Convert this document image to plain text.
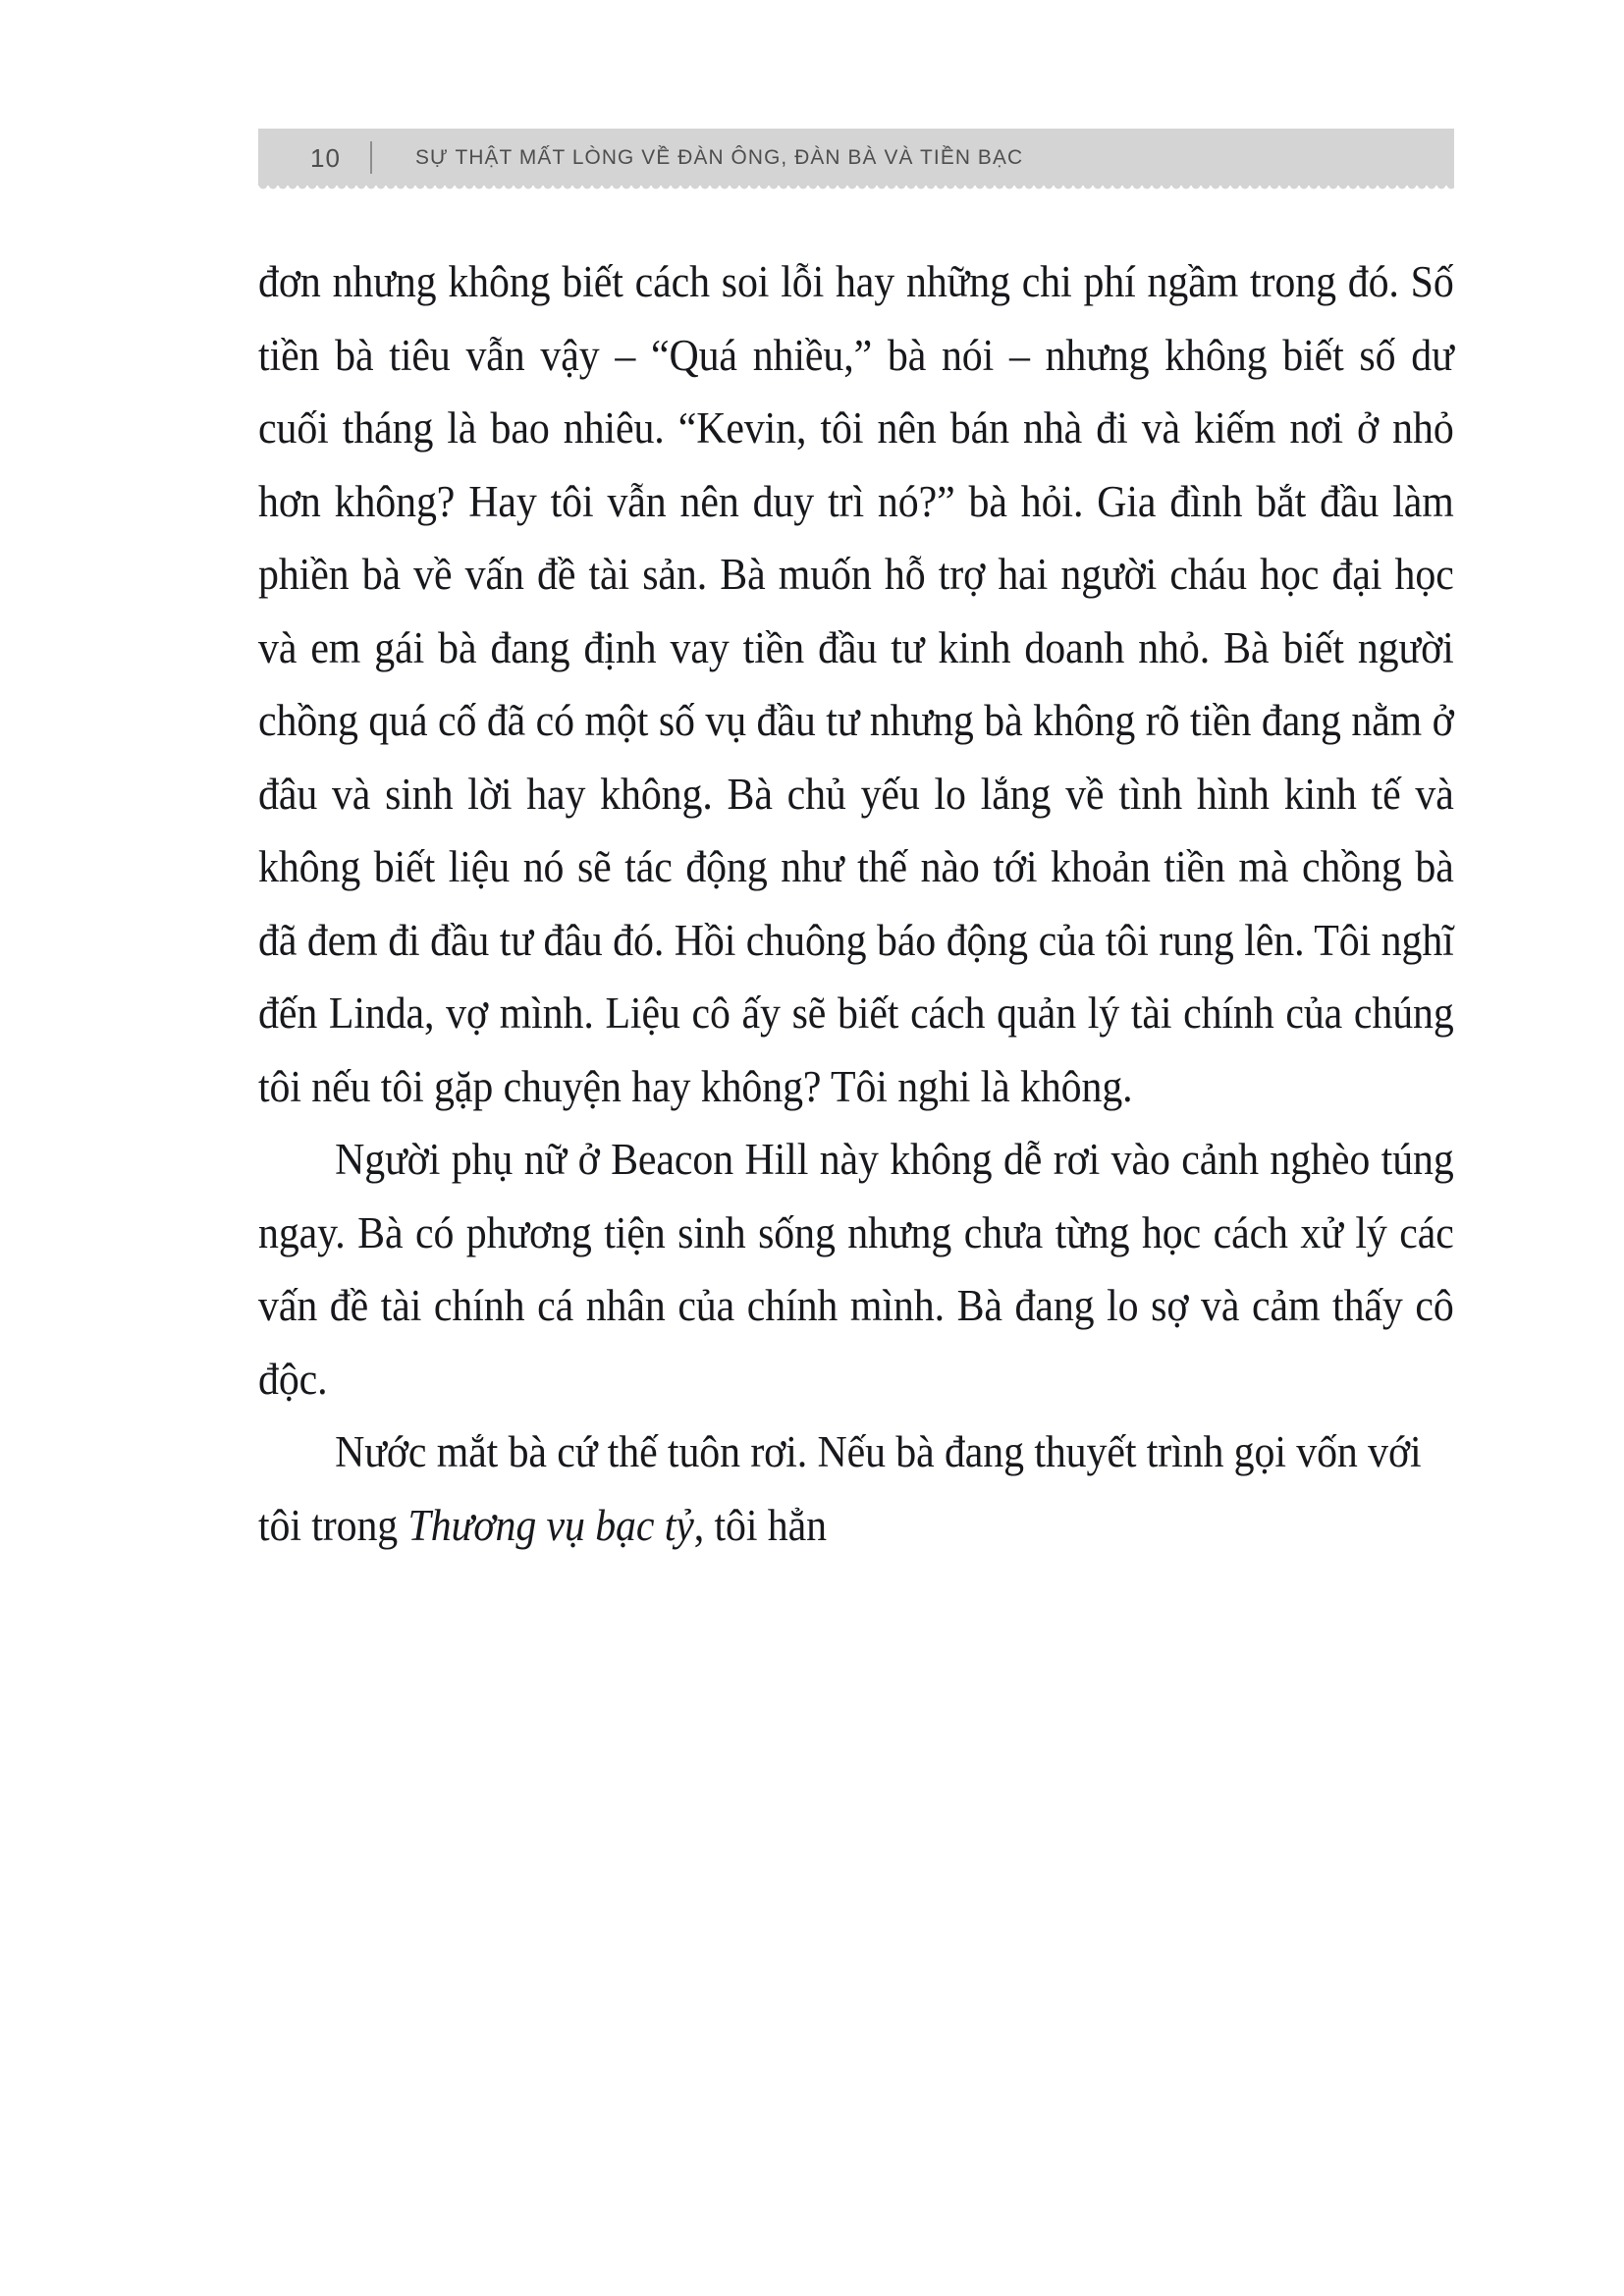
10	SỰ THẬT MẤT LÒNG VỀ ĐÀN ÔNG, ĐÀN BÀ VÀ TIỀN BẠC

đơn nhưng không biết cách soi lỗi hay những chi phí ngầm trong đó. Số tiền bà tiêu vẫn vậy – “Quá nhiều,” bà nói – nhưng không biết số dư cuối tháng là bao nhiêu. “Kevin, tôi nên bán nhà đi và kiếm nơi ở nhỏ hơn không? Hay tôi vẫn nên duy trì nó?” bà hỏi. Gia đình bắt đầu làm phiền bà về vấn đề tài sản. Bà muốn hỗ trợ hai người cháu học đại học và em gái bà đang định vay tiền đầu tư kinh doanh nhỏ. Bà biết người chồng quá cố đã có một số vụ đầu tư nhưng bà không rõ tiền đang nằm ở đâu và sinh lời hay không. Bà chủ yếu lo lắng về tình hình kinh tế và không biết liệu nó sẽ tác động như thế nào tới khoản tiền mà chồng bà đã đem đi đầu tư đâu đó. Hồi chuông báo động của tôi rung lên. Tôi nghĩ đến Linda, vợ mình. Liệu cô ấy sẽ biết cách quản lý tài chính của chúng tôi nếu tôi gặp chuyện hay không? Tôi nghi là không.

Người phụ nữ ở Beacon Hill này không dễ rơi vào cảnh nghèo túng ngay. Bà có phương tiện sinh sống nhưng chưa từng học cách xử lý các vấn đề tài chính cá nhân của chính mình. Bà đang lo sợ và cảm thấy cô độc.

Nước mắt bà cứ thế tuôn rơi. Nếu bà đang thuyết trình gọi vốn với tôi trong Thương vụ bạc tỷ, tôi hẳn
